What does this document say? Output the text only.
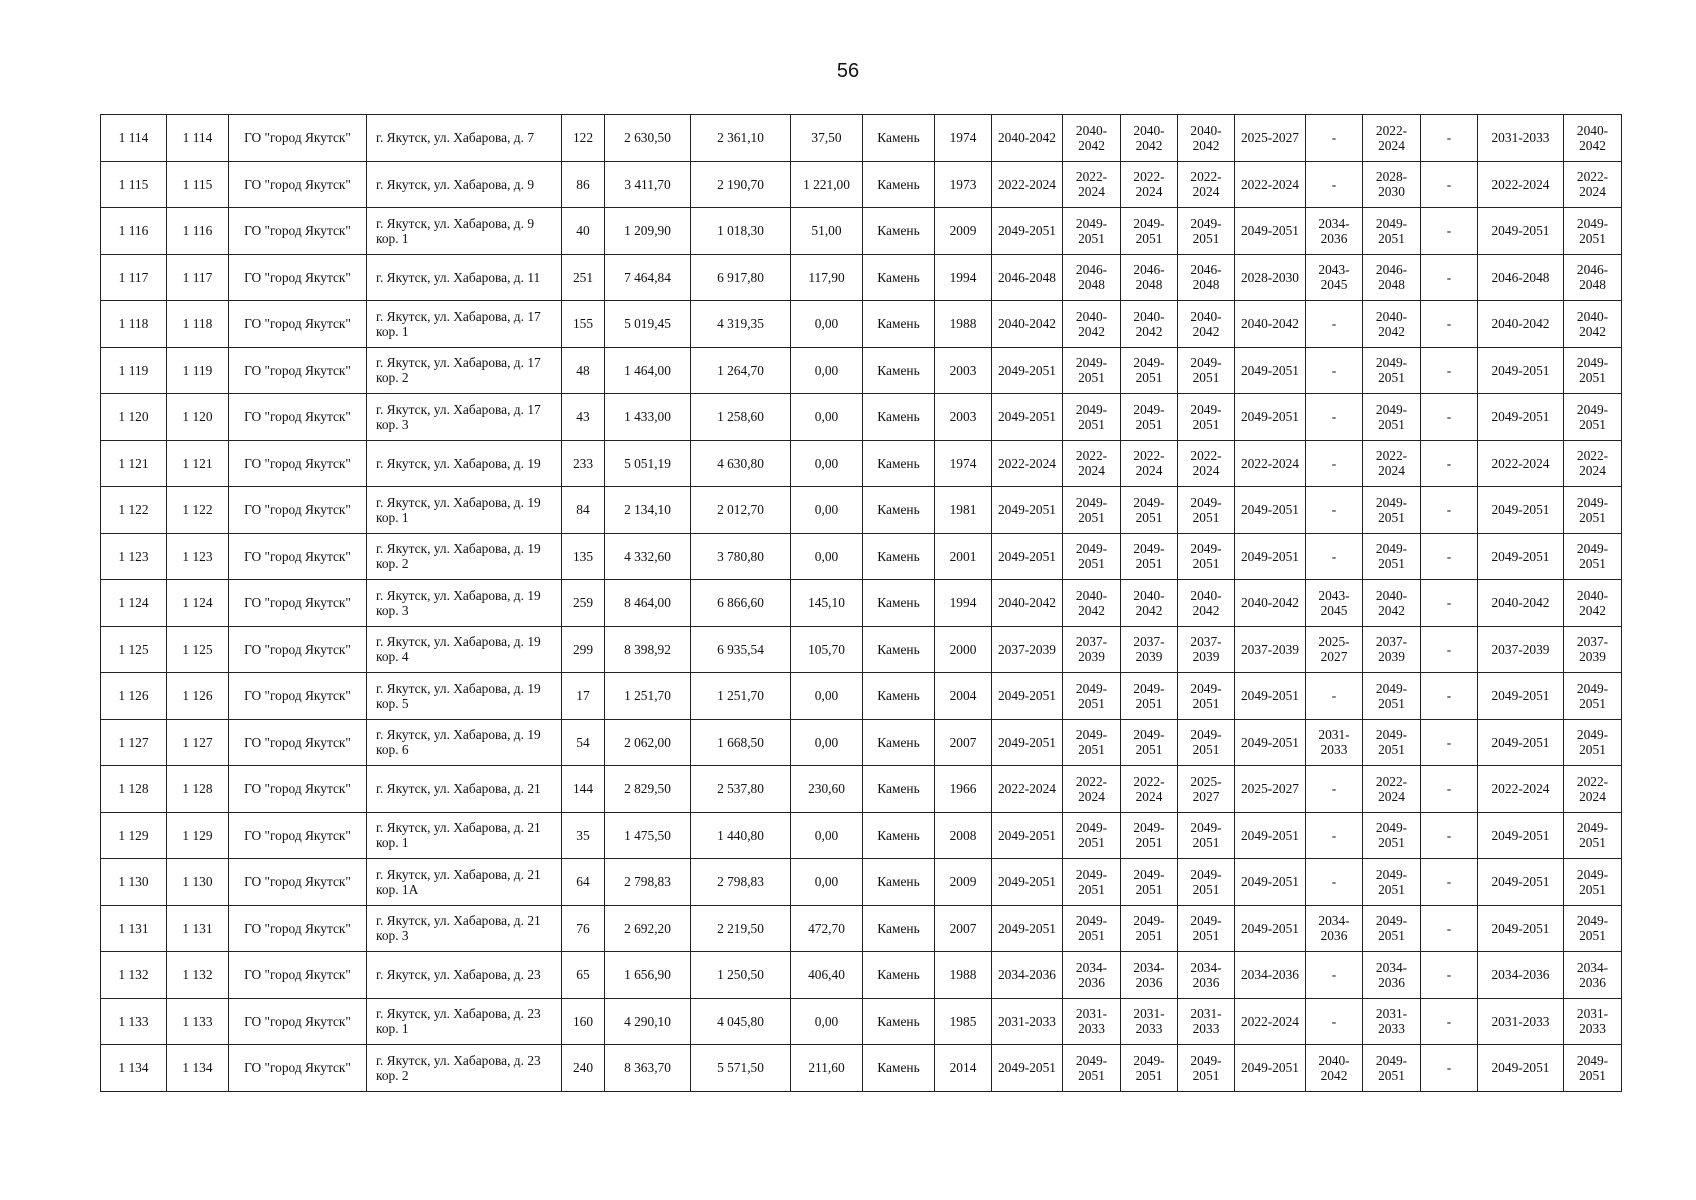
56
1 114	1 114	ГО "город Якутск"	г. Якутск, ул. Хабарова, д. 7	122	2 630,50	2 361,10	37,50	Камень	1974	2040-2042	2040-2042	2040-2042	2040-2042	2025-2027	-	2022-2024	-	2031-2033	2040-2042
1 115	1 115	ГО "город Якутск"	г. Якутск, ул. Хабарова, д. 9	86	3 411,70	2 190,70	1 221,00	Камень	1973	2022-2024	2022-2024	2022-2024	2022-2024	2022-2024	-	2028-2030	-	2022-2024	2022-2024
1 116	1 116	ГО "город Якутск"	г. Якутск, ул. Хабарова, д. 9 кор. 1	40	1 209,90	1 018,30	51,00	Камень	2009	2049-2051	2049-2051	2049-2051	2049-2051	2049-2051	2034-2036	2049-2051	-	2049-2051	2049-2051
1 117	1 117	ГО "город Якутск"	г. Якутск, ул. Хабарова, д. 11	251	7 464,84	6 917,80	117,90	Камень	1994	2046-2048	2046-2048	2046-2048	2046-2048	2028-2030	2043-2045	2046-2048	-	2046-2048	2046-2048
1 118	1 118	ГО "город Якутск"	г. Якутск, ул. Хабарова, д. 17 кор. 1	155	5 019,45	4 319,35	0,00	Камень	1988	2040-2042	2040-2042	2040-2042	2040-2042	2040-2042	-	2040-2042	-	2040-2042	2040-2042
1 119	1 119	ГО "город Якутск"	г. Якутск, ул. Хабарова, д. 17 кор. 2	48	1 464,00	1 264,70	0,00	Камень	2003	2049-2051	2049-2051	2049-2051	2049-2051	2049-2051	-	2049-2051	-	2049-2051	2049-2051
1 120	1 120	ГО "город Якутск"	г. Якутск, ул. Хабарова, д. 17 кор. 3	43	1 433,00	1 258,60	0,00	Камень	2003	2049-2051	2049-2051	2049-2051	2049-2051	2049-2051	-	2049-2051	-	2049-2051	2049-2051
1 121	1 121	ГО "город Якутск"	г. Якутск, ул. Хабарова, д. 19	233	5 051,19	4 630,80	0,00	Камень	1974	2022-2024	2022-2024	2022-2024	2022-2024	2022-2024	-	2022-2024	-	2022-2024	2022-2024
1 122	1 122	ГО "город Якутск"	г. Якутск, ул. Хабарова, д. 19 кор. 1	84	2 134,10	2 012,70	0,00	Камень	1981	2049-2051	2049-2051	2049-2051	2049-2051	2049-2051	-	2049-2051	-	2049-2051	2049-2051
1 123	1 123	ГО "город Якутск"	г. Якутск, ул. Хабарова, д. 19 кор. 2	135	4 332,60	3 780,80	0,00	Камень	2001	2049-2051	2049-2051	2049-2051	2049-2051	2049-2051	-	2049-2051	-	2049-2051	2049-2051
1 124	1 124	ГО "город Якутск"	г. Якутск, ул. Хабарова, д. 19 кор. 3	259	8 464,00	6 866,60	145,10	Камень	1994	2040-2042	2040-2042	2040-2042	2040-2042	2040-2042	2043-2045	2040-2042	-	2040-2042	2040-2042
1 125	1 125	ГО "город Якутск"	г. Якутск, ул. Хабарова, д. 19 кор. 4	299	8 398,92	6 935,54	105,70	Камень	2000	2037-2039	2037-2039	2037-2039	2037-2039	2037-2039	2025-2027	2037-2039	-	2037-2039	2037-2039
1 126	1 126	ГО "город Якутск"	г. Якутск, ул. Хабарова, д. 19 кор. 5	17	1 251,70	1 251,70	0,00	Камень	2004	2049-2051	2049-2051	2049-2051	2049-2051	2049-2051	-	2049-2051	-	2049-2051	2049-2051
1 127	1 127	ГО "город Якутск"	г. Якутск, ул. Хабарова, д. 19 кор. 6	54	2 062,00	1 668,50	0,00	Камень	2007	2049-2051	2049-2051	2049-2051	2049-2051	2049-2051	2031-2033	2049-2051	-	2049-2051	2049-2051
1 128	1 128	ГО "город Якутск"	г. Якутск, ул. Хабарова, д. 21	144	2 829,50	2 537,80	230,60	Камень	1966	2022-2024	2022-2024	2022-2024	2025-2027	2025-2027	-	2022-2024	-	2022-2024	2022-2024
1 129	1 129	ГО "город Якутск"	г. Якутск, ул. Хабарова, д. 21 кор. 1	35	1 475,50	1 440,80	0,00	Камень	2008	2049-2051	2049-2051	2049-2051	2049-2051	2049-2051	-	2049-2051	-	2049-2051	2049-2051
1 130	1 130	ГО "город Якутск"	г. Якутск, ул. Хабарова, д. 21 кор. 1А	64	2 798,83	2 798,83	0,00	Камень	2009	2049-2051	2049-2051	2049-2051	2049-2051	2049-2051	-	2049-2051	-	2049-2051	2049-2051
1 131	1 131	ГО "город Якутск"	г. Якутск, ул. Хабарова, д. 21 кор. 3	76	2 692,20	2 219,50	472,70	Камень	2007	2049-2051	2049-2051	2049-2051	2049-2051	2049-2051	2034-2036	2049-2051	-	2049-2051	2049-2051
1 132	1 132	ГО "город Якутск"	г. Якутск, ул. Хабарова, д. 23	65	1 656,90	1 250,50	406,40	Камень	1988	2034-2036	2034-2036	2034-2036	2034-2036	2034-2036	-	2034-2036	-	2034-2036	2034-2036
1 133	1 133	ГО "город Якутск"	г. Якутск, ул. Хабарова, д. 23 кор. 1	160	4 290,10	4 045,80	0,00	Камень	1985	2031-2033	2031-2033	2031-2033	2031-2033	2022-2024	-	2031-2033	-	2031-2033	2031-2033
1 134	1 134	ГО "город Якутск"	г. Якутск, ул. Хабарова, д. 23 кор. 2	240	8 363,70	5 571,50	211,60	Камень	2014	2049-2051	2049-2051	2049-2051	2049-2051	2049-2051	2040-2042	2049-2051	-	2049-2051	2049-2051
